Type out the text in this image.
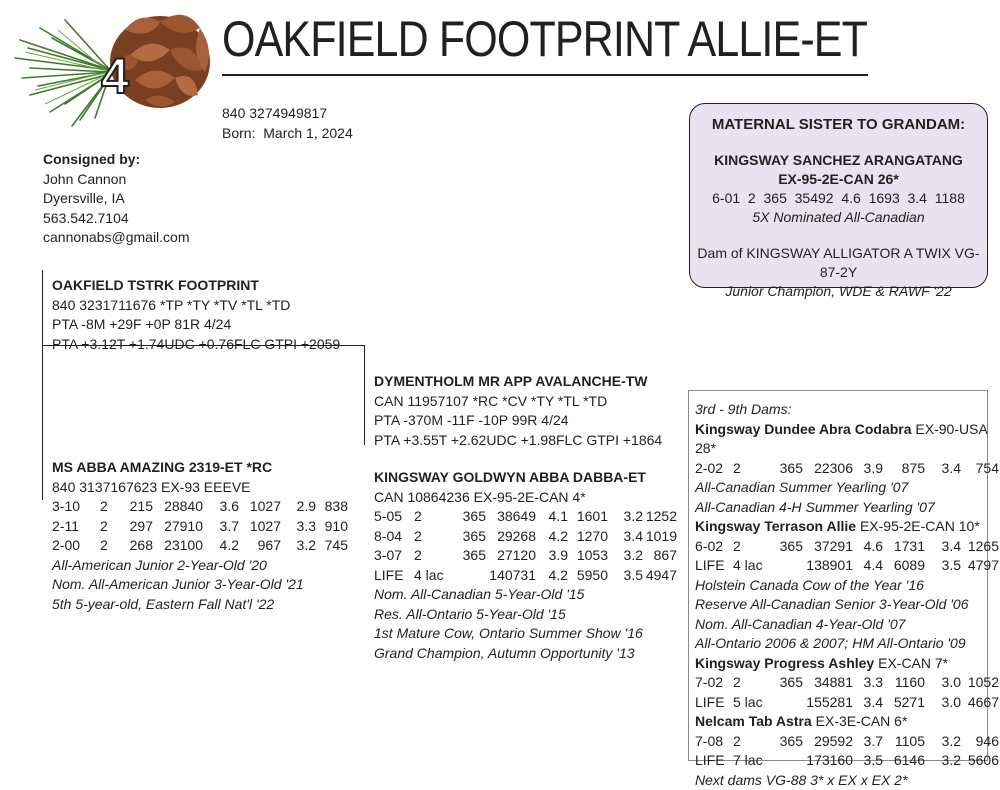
4
OAKFIELD FOOTPRINT ALLIE-ET
840 3274949817
Born: March 1, 2024
Consigned by:
John Cannon
Dyersville, IA
563.542.7104
cannonabs@gmail.com
OAKFIELD TSTRK FOOTPRINT
840 3231711676 *TP *TY *TV *TL *TD
PTA -8M +29F +0P 81R 4/24
PTA +3.12T +1.74UDC +0.76FLC GTPI +2059
MS ABBA AMAZING 2319-ET *RC
840 3137167623 EX-93 EEEVE
3-10	2	215 28840	3.6 1027	2.9 838
2-11	2	297 27910	3.7 1027	3.3 910
2-00	2	268 23100	4.2	967	3.2 745
All-American Junior 2-Year-Old '20
Nom. All-American Junior 3-Year-Old '21
5th 5-year-old, Eastern Fall Nat'l '22
DYMENTHOLM MR APP AVALANCHE-TW
CAN 11957107 *RC *CV *TY *TL *TD
PTA -370M -11F -10P 99R 4/24
PTA +3.55T +2.62UDC +1.98FLC GTPI +1864
KINGSWAY GOLDWYN ABBA DABBA-ET
CAN 10864236 EX-95-2E-CAN 4*
5-05 2	365 38649 4.1 1601	3.2 1252
8-04 2	365 29268 4.2 1270	3.4 1019
3-07 2	365 27120 3.9 1053	3.2 867
LIFE 4 lac	140731 4.2 5950	3.5 4947
Nom. All-Canadian 5-Year-Old '15
Res. All-Ontario 5-Year-Old '15
1st Mature Cow, Ontario Summer Show '16
Grand Champion, Autumn Opportunity '13
MATERNAL SISTER TO GRANDAM:
KINGSWAY SANCHEZ ARANGATANG
EX-95-2E-CAN 26*
6-01  2  365  35492  4.6  1693  3.4  1188
5X Nominated All-Canadian
Dam of KINGSWAY ALLIGATOR A TWIX VG-87-2Y
Junior Champion, WDE & RAWF '22
3rd - 9th Dams:
Kingsway Dundee Abra Codabra EX-90-USA 28*
2-02 2	365 22306 3.9	875	3.4	754
All-Canadian Summer Yearling '07
All-Canadian 4-H Summer Yearling '07
Kingsway Terrason Allie EX-95-2E-CAN 10*
6-02 2	365 37291 4.6 1731	3.4 1265
LIFE 4 lac	138901 4.4 6089	3.5 4797
Holstein Canada Cow of the Year '16
Reserve All-Canadian Senior 3-Year-Old '06
Nom. All-Canadian 4-Year-Old '07
All-Ontario 2006 & 2007; HM All-Ontario '09
Kingsway Progress Ashley EX-CAN 7*
7-02 2	365 34881 3.3 1160	3.0 1052
LIFE 5 lac	155281 3.4 5271	3.0 4667
Nelcam Tab Astra EX-3E-CAN 6*
7-08 2	365 29592 3.7 1105	3.2	946
LIFE 7 lac	173160 3.5 6146	3.2 5606
Next dams VG-88 3* x EX x EX 2*
